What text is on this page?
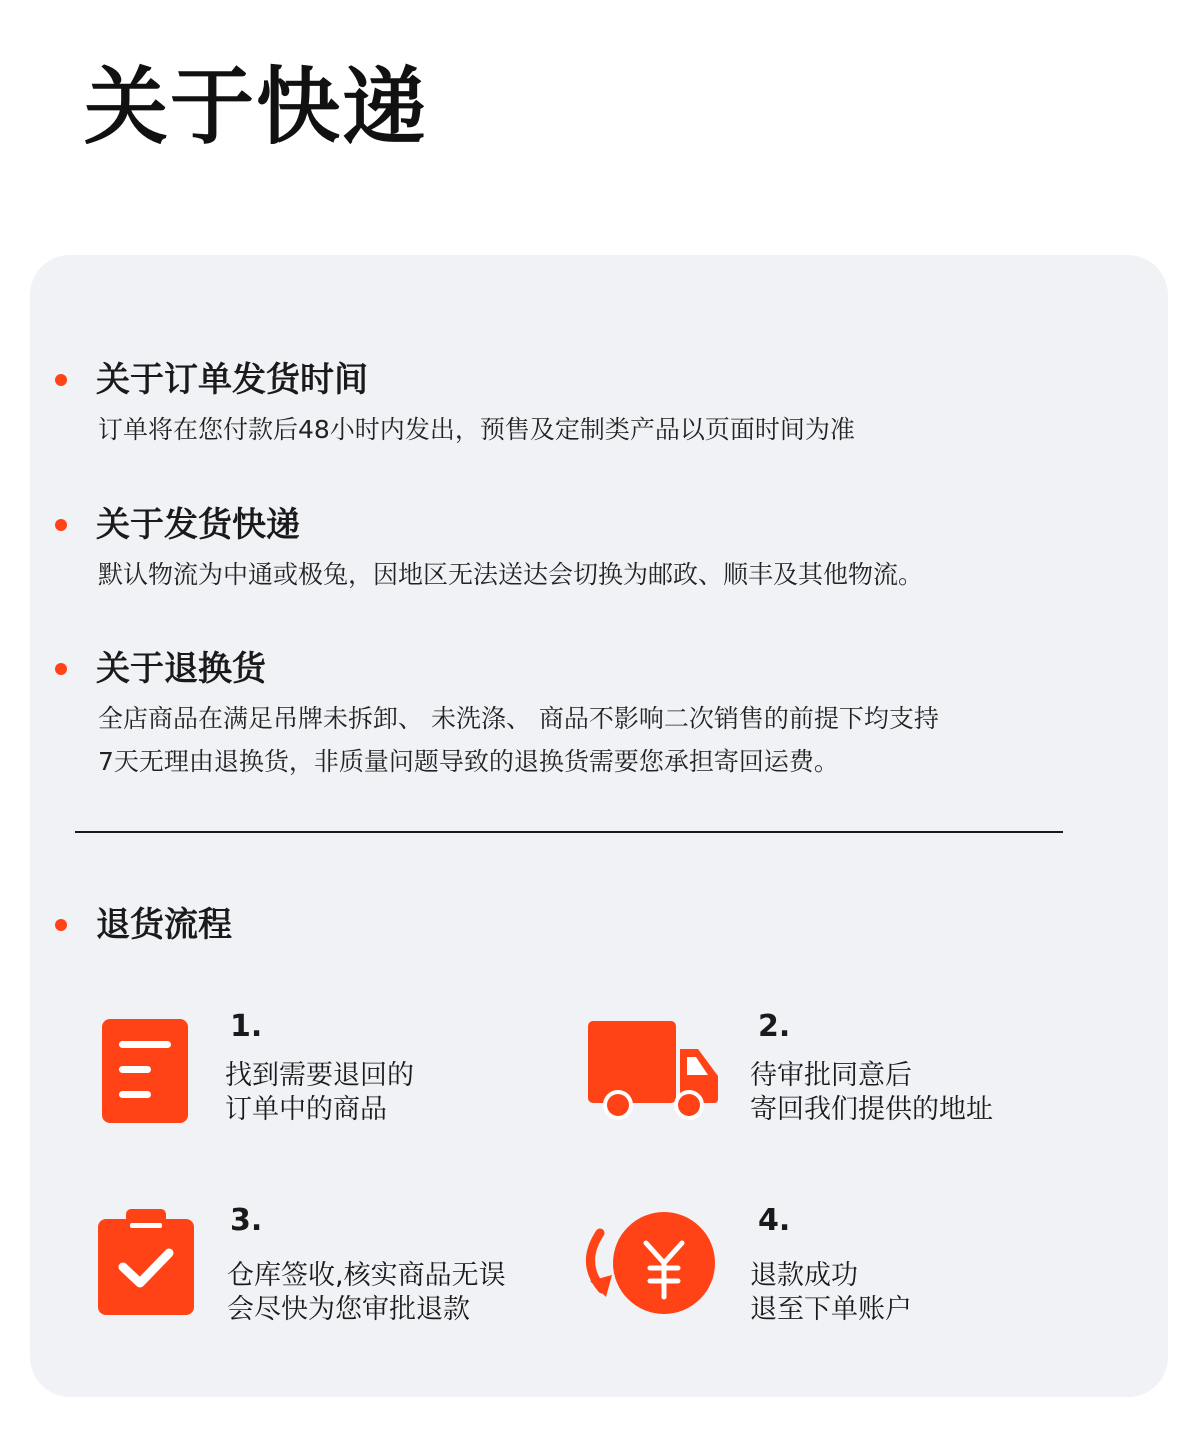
关于快递
关于订单发货时间

订单将在您付款后48小时内发出，预售及定制类产品以页面时间为准

关于发货快递

默认物流为中通或极兔，因地区无法送达会切换为邮政、顺丰及其他物流。

关于退换货

全店商品在满足吊牌未拆卸、 未洗涤、 商品不影响二次销售的前提下均支持

7天无理由退换货，非质量问题导致的退换货需要您承担寄回运费。

退货流程

1.

找到需要退回的

订单中的商品

2.

待审批同意后

寄回我们提供的地址

3.

仓库签收,核实商品无误

会尽快为您审批退款

4.

退款成功

退至下单账户
